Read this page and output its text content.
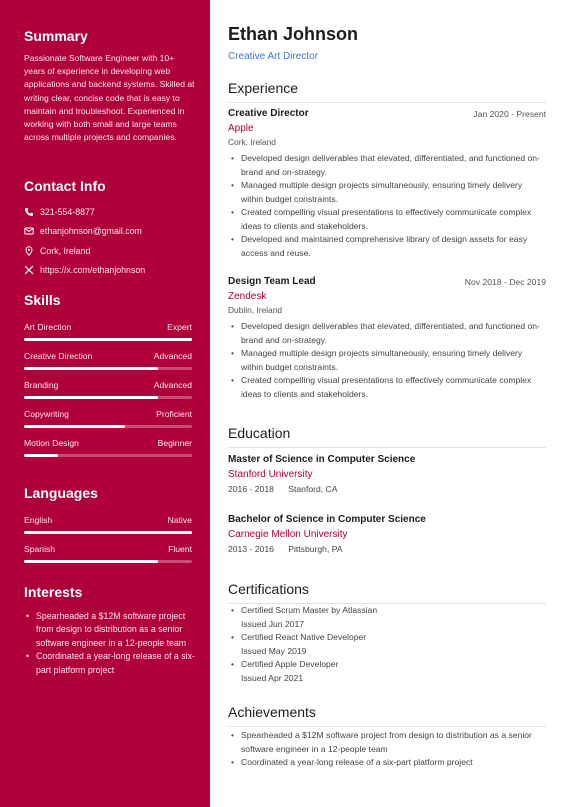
Summary

Passionate Software Engineer with 10+ years of experience in developing web applications and backend systems. Skilled at writing clear, concise code that is easy to maintain and troubleshoot. Experienced in working with both small and large teams across multiple projects and companies.

Contact Info
321-554-8877
ethanjohnson@gmail.com
Cork, Ireland
https://x.com/ethanjohnson
Skills
Art Direction	Expert
Creative Direction	Advanced
Branding	Advanced
Copywriting	Proficient
Motion Design	Beginner
Languages
English	Native
Spanish	Fluent
Interests
• Spearheaded a $12M software project from design to distribution as a senior software engineer in a 12-people team
• Coordinated a year-long release of a six-part platform project
Ethan Johnson
Creative Art Director
Experience
Creative Director	Jan 2020 - Present
Apple
Cork, Ireland
• Developed design deliverables that elevated, differentiated, and functioned on-brand and on-strategy.
• Managed multiple design projects simultaneously, ensuring timely delivery within budget constraints.
• Created compelling visual presentations to effectively communicate complex ideas to clients and stakeholders.
• Developed and maintained comprehensive library of design assets for easy access and reuse.
Design Team Lead	Nov 2018 - Dec 2019
Zendesk
Dublin, Ireland
• Developed design deliverables that elevated, differentiated, and functioned on-brand and on-strategy.
• Managed multiple design projects simultaneously, ensuring timely delivery within budget constraints.
• Created compelling visual presentations to effectively communicate complex ideas to clients and stakeholders.
Education
Master of Science in Computer Science
Stanford University
2016 - 2018 Stanford, CA
Bachelor of Science in Computer Science
Carnegie Mellon University
2013 - 2016 Pittsburgh, PA
Certifications
• Certified Scrum Master by Atlassian
Issued Jun 2017
• Certified React Native Developer
Issued May 2019
• Certified Apple Developer
Issued Apr 2021
Achievements
• Spearheaded a $12M software project from design to distribution as a senior software engineer in a 12-people team
• Coordinated a year-long release of a six-part platform project
